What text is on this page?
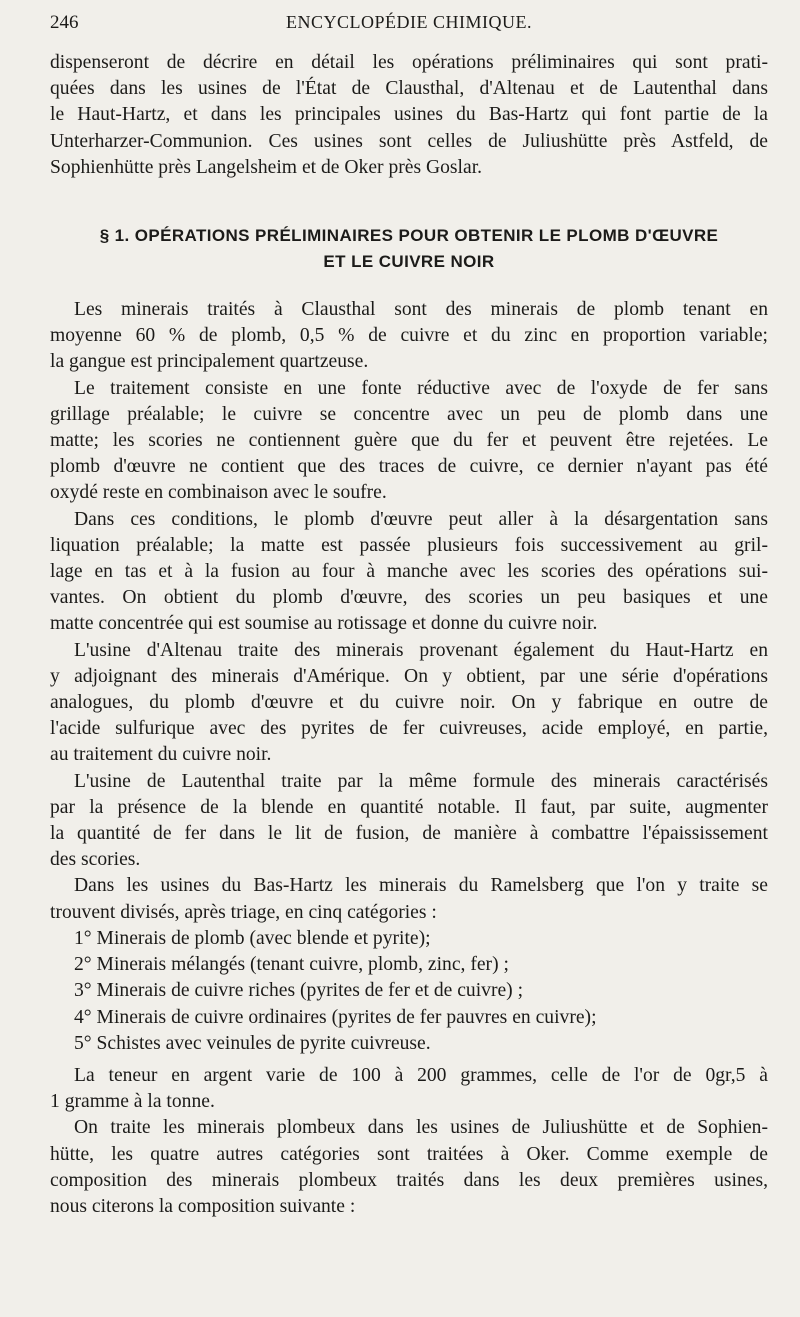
246	ENCYCLOPÉDIE CHIMIQUE.
dispenseront de décrire en détail les opérations préliminaires qui sont prati-
quées dans les usines de l'État de Clausthal, d'Altenau et de Lautenthal dans
le Haut-Hartz, et dans les principales usines du Bas-Hartz qui font partie de la
Unterharzer-Communion. Ces usines sont celles de Juliushütte près Astfeld, de
Sophienhütte près Langelsheim et de Oker près Goslar.
§ 1. OPÉRATIONS PRÉLIMINAIRES POUR OBTENIR LE PLOMB D'ŒUVRE
ET LE CUIVRE NOIR
Les minerais traités à Clausthal sont des minerais de plomb tenant en
moyenne 60 % de plomb, 0,5 % de cuivre et du zinc en proportion variable;
la gangue est principalement quartzeuse.
Le traitement consiste en une fonte réductive avec de l'oxyde de fer sans
grillage préalable; le cuivre se concentre avec un peu de plomb dans une
matte; les scories ne contiennent guère que du fer et peuvent être rejetées. Le
plomb d'œuvre ne contient que des traces de cuivre, ce dernier n'ayant pas été
oxydé reste en combinaison avec le soufre.
Dans ces conditions, le plomb d'œuvre peut aller à la désargentation sans
liquation préalable; la matte est passée plusieurs fois successivement au gril-
lage en tas et à la fusion au four à manche avec les scories des opérations sui-
vantes. On obtient du plomb d'œuvre, des scories un peu basiques et une
matte concentrée qui est soumise au rotissage et donne du cuivre noir.
L'usine d'Altenau traite des minerais provenant également du Haut-Hartz en
y adjoignant des minerais d'Amérique. On y obtient, par une série d'opérations
analogues, du plomb d'œuvre et du cuivre noir. On y fabrique en outre de
l'acide sulfurique avec des pyrites de fer cuivreuses, acide employé, en partie,
au traitement du cuivre noir.
L'usine de Lautenthal traite par la même formule des minerais caractérisés
par la présence de la blende en quantité notable. Il faut, par suite, augmenter
la quantité de fer dans le lit de fusion, de manière à combattre l'épaississement
des scories.
Dans les usines du Bas-Hartz les minerais du Ramelsberg que l'on y traite se
trouvent divisés, après triage, en cinq catégories :
1° Minerais de plomb (avec blende et pyrite);
2° Minerais mélangés (tenant cuivre, plomb, zinc, fer) ;
3° Minerais de cuivre riches (pyrites de fer et de cuivre) ;
4° Minerais de cuivre ordinaires (pyrites de fer pauvres en cuivre);
5° Schistes avec veinules de pyrite cuivreuse.
La teneur en argent varie de 100 à 200 grammes, celle de l'or de 0gr,5 à
1 gramme à la tonne.
On traite les minerais plombeux dans les usines de Juliushütte et de Sophien-
hütte, les quatre autres catégories sont traitées à Oker. Comme exemple de
composition des minerais plombeux traités dans les deux premières usines,
nous citerons la composition suivante :
